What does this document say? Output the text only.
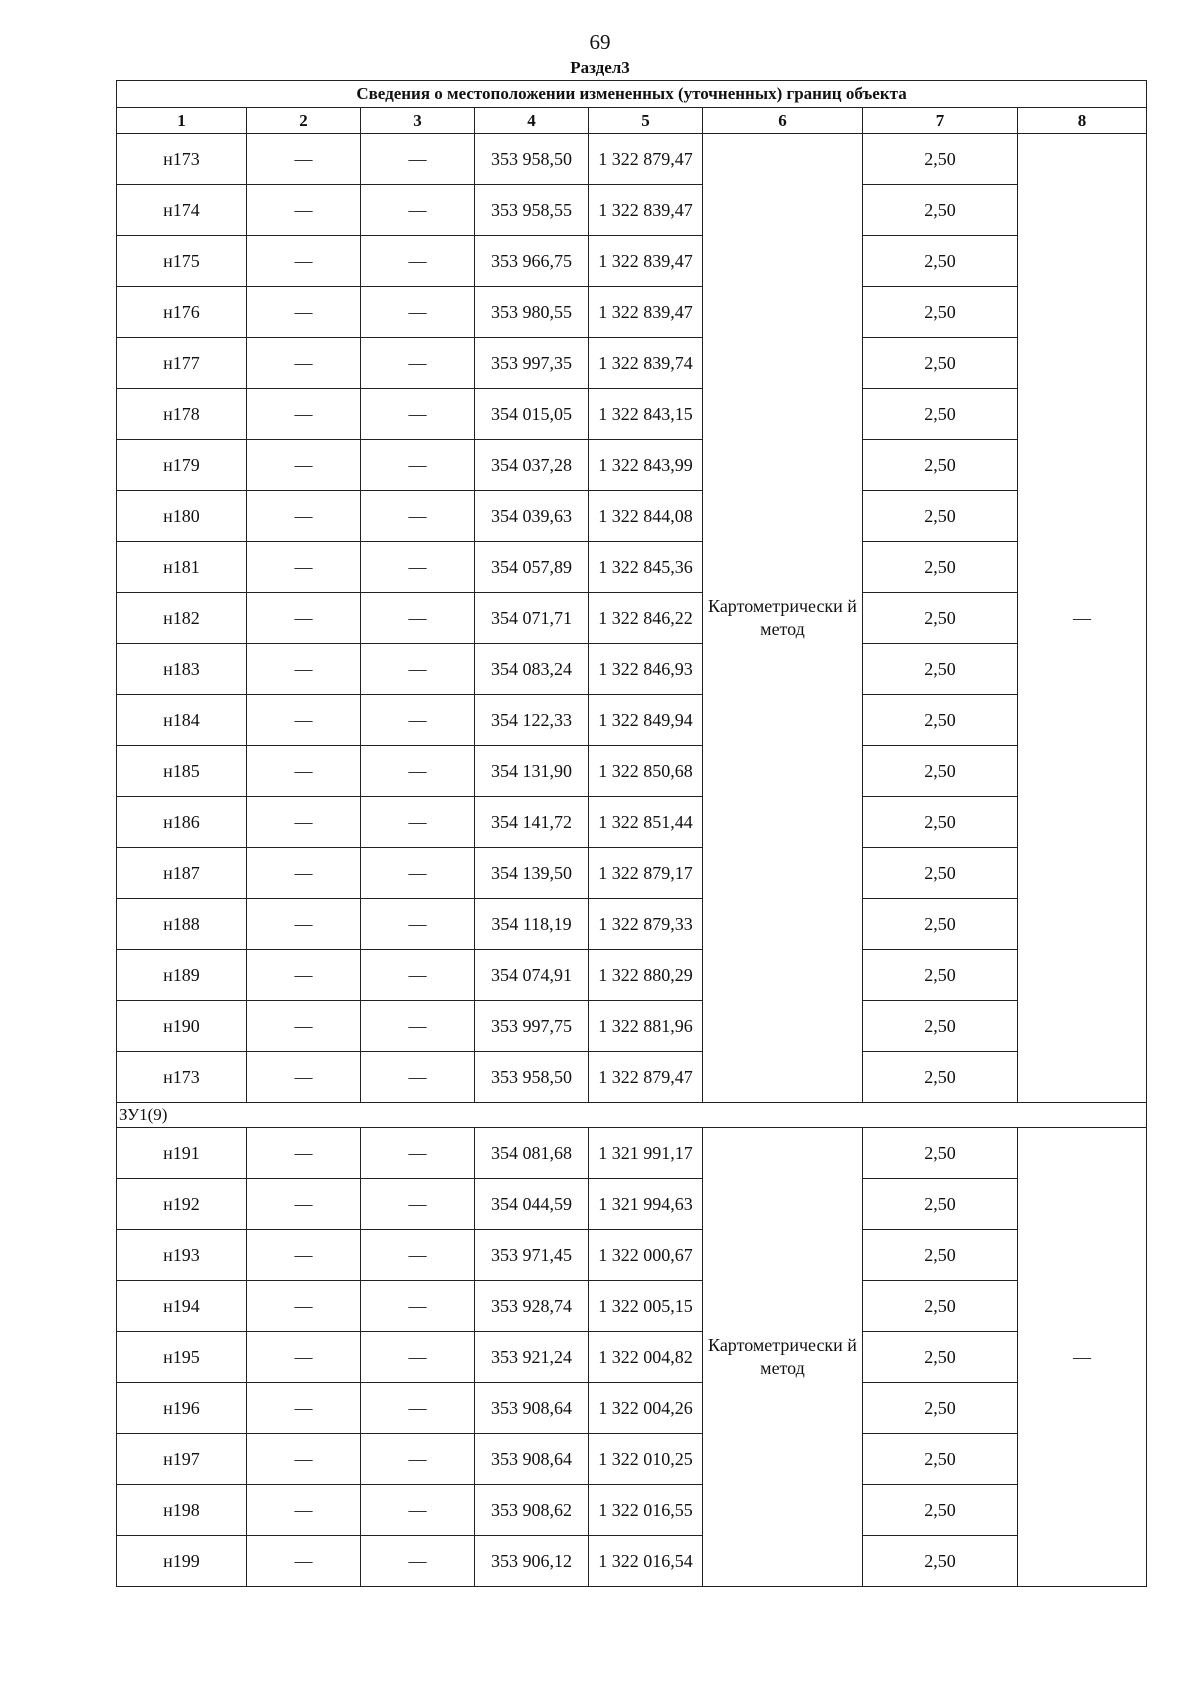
69
Раздел3
Сведения о местоположении измененных (уточненных) границ объекта							
1	2	3	4	5	6	7	8
н173	—	—	353 958,50	1 322 879,47	Картометрически й метод	2,50	—
н174	—	—	353 958,55	1 322 839,47		2,50	
н175	—	—	353 966,75	1 322 839,47		2,50	
н176	—	—	353 980,55	1 322 839,47		2,50	
н177	—	—	353 997,35	1 322 839,74		2,50	
н178	—	—	354 015,05	1 322 843,15		2,50	
н179	—	—	354 037,28	1 322 843,99		2,50	
н180	—	—	354 039,63	1 322 844,08		2,50	
н181	—	—	354 057,89	1 322 845,36		2,50	
н182	—	—	354 071,71	1 322 846,22		2,50	
н183	—	—	354 083,24	1 322 846,93		2,50	
н184	—	—	354 122,33	1 322 849,94		2,50	
н185	—	—	354 131,90	1 322 850,68		2,50	
н186	—	—	354 141,72	1 322 851,44		2,50	
н187	—	—	354 139,50	1 322 879,17		2,50	
н188	—	—	354 118,19	1 322 879,33		2,50	
н189	—	—	354 074,91	1 322 880,29		2,50	
н190	—	—	353 997,75	1 322 881,96		2,50	
н173	—	—	353 958,50	1 322 879,47		2,50	
ЗУ1(9)							
н191	—	—	354 081,68	1 321 991,17	Картометрически й метод	2,50	—
н192	—	—	354 044,59	1 321 994,63		2,50	
н193	—	—	353 971,45	1 322 000,67		2,50	
н194	—	—	353 928,74	1 322 005,15		2,50	
н195	—	—	353 921,24	1 322 004,82		2,50	
н196	—	—	353 908,64	1 322 004,26		2,50	
н197	—	—	353 908,64	1 322 010,25		2,50	
н198	—	—	353 908,62	1 322 016,55		2,50	
н199	—	—	353 906,12	1 322 016,54		2,50	
